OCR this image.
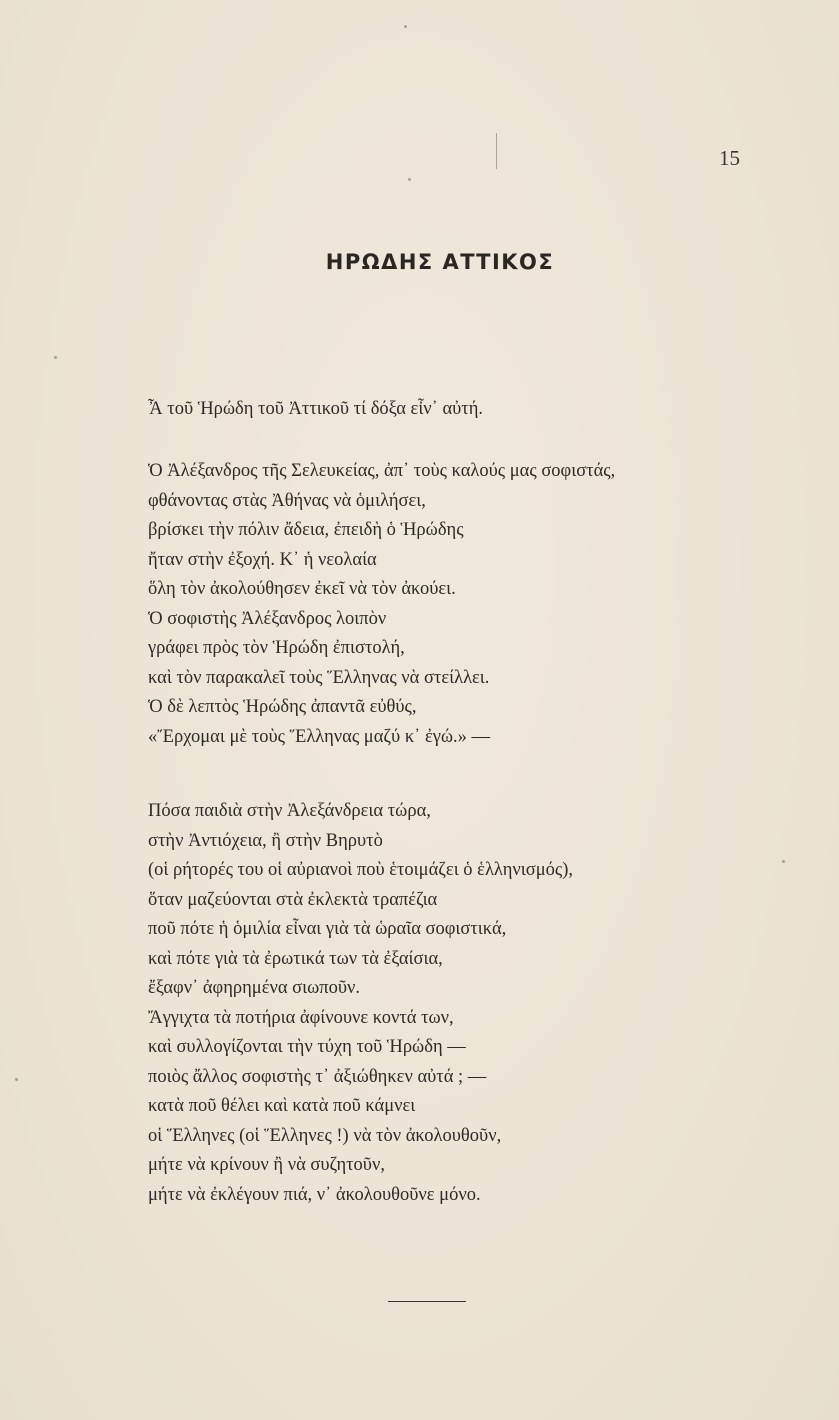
15
ΗΡΩΔΗΣ ΑΤΤΙΚΟΣ
Ἆ τοῦ Ἡρώδη τοῦ Ἀττικοῦ τί δόξα εἶν᾽ αὐτή.
Ὁ Ἀλέξανδρος τῆς Σελευκείας, ἀπ᾽ τοὺς καλούς μας σοφιστάς,
φθάνοντας στὰς Ἀθήνας νὰ ὁμιλήσει,
βρίσκει τὴν πόλιν ἄδεια, ἐπειδὴ ὁ Ἡρώδης
ἤταν στὴν ἐξοχή. Κ᾽ ἡ νεολαία
ὅλη τὸν ἀκολούθησεν ἐκεῖ νὰ τὸν ἀκούει.
Ὁ σοφιστὴς Ἀλέξανδρος λοιπὸν
γράφει πρὸς τὸν Ἡρώδη ἐπιστολή,
καὶ τὸν παρακαλεῖ τοὺς Ἕλληνας νὰ στείλλει.
Ὁ δὲ λεπτὸς Ἡρώδης ἀπαντᾶ εὐθύς,
«Ἔρχομαι μὲ τοὺς Ἕλληνας μαζύ κ᾽ ἐγώ.» —
Πόσα παιδιὰ στὴν Ἀλεξάνδρεια τώρα,
στὴν Ἀντιόχεια, ἢ στὴν Βηρυτὸ
(οἱ ρήτορές του οἱ αὐριανοὶ ποὺ ἑτοιμάζει ὁ ἑλληνισμός),
ὅταν μαζεύονται στὰ ἐκλεκτὰ τραπέζια
ποῦ πότε ἡ ὁμιλία εἶναι γιὰ τὰ ὡραῖα σοφιστικά,
καὶ πότε γιὰ τὰ ἐρωτικά των τὰ ἐξαίσια,
ἔξαφν᾽ ἀφηρημένα σιωποῦν.
Ἄγγιχτα τὰ ποτήρια ἀφίνουνε κοντά των,
καὶ συλλογίζονται τὴν τύχη τοῦ Ἡρώδη —
ποιὸς ἄλλος σοφιστὴς τ᾽ ἀξιώθηκεν αὐτά ; —
κατὰ ποῦ θέλει καὶ κατὰ ποῦ κάμνει
οἱ Ἕλληνες (οἱ Ἕλληνες !) νὰ τὸν ἀκολουθοῦν,
μήτε νὰ κρίνουν ἢ νὰ συζητοῦν,
μήτε νὰ ἐκλέγουν πιά, ν᾽ ἀκολουθοῦνε μόνο.
